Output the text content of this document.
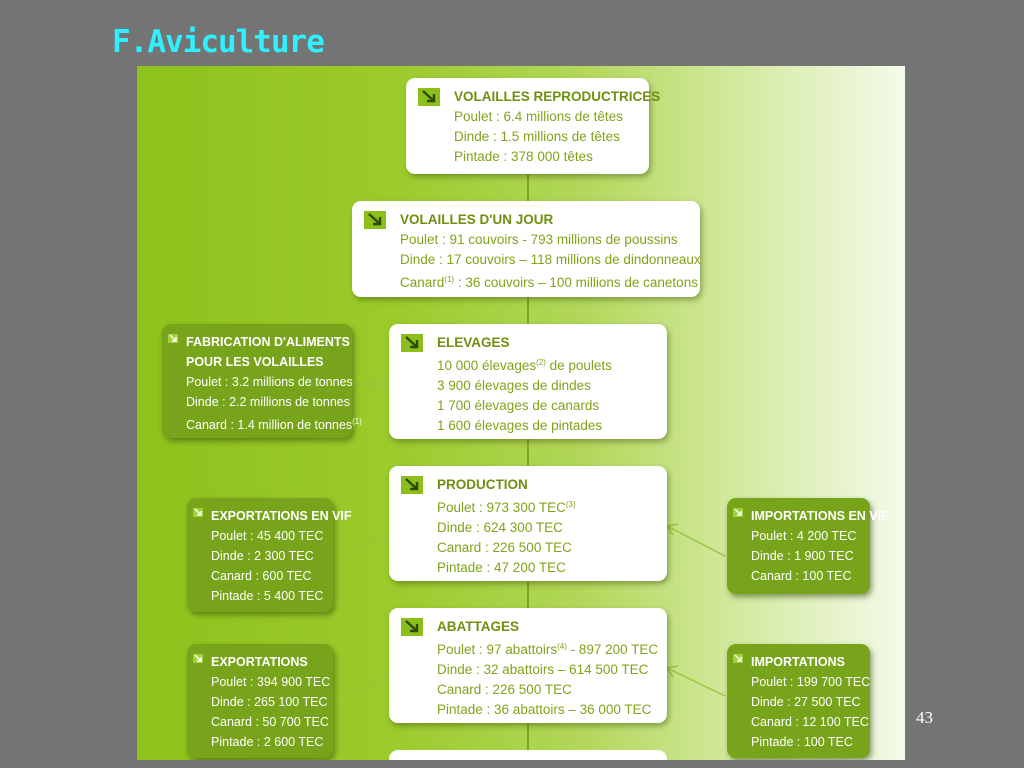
F.Aviculture
VOLAILLES REPRODUCTRICES
Poulet : 6.4 millions de têtes
Dinde : 1.5 millions de têtes
Pintade : 378 000 têtes
VOLAILLES D'UN JOUR
Poulet : 91 couvoirs - 793 millions de poussins
Dinde : 17 couvoirs – 118 millions de dindonneaux
Canard$^{(1)}$ : 36 couvoirs – 100 millions de canetons
FABRICATION D'ALIMENTS
POUR LES VOLAILLES
Poulet : 3.2 millions de tonnes
Dinde : 2.2 millions de tonnes
Canard : 1.4 million de tonnes$^{(1)}$
ELEVAGES
10 000 élevages$^{(2)}$ de poulets
3 900 élevages de dindes
1 700 élevages de canards
1 600 élevages de pintades
PRODUCTION
Poulet : 973 300 TEC$^{(3)}$
Dinde : 624 300 TEC
Canard : 226 500 TEC
Pintade : 47 200 TEC
EXPORTATIONS EN VIF
Poulet : 45 400 TEC
Dinde : 2 300 TEC
Canard : 600 TEC
Pintade : 5 400 TEC
IMPORTATIONS EN VIF
Poulet : 4 200 TEC
Dinde : 1 900 TEC
Canard : 100 TEC
ABATTAGES
Poulet : 97 abattoirs$^{(4)}$ - 897 200 TEC
Dinde : 32 abattoirs – 614 500 TEC
Canard : 226 500 TEC
Pintade : 36 abattoirs – 36 000 TEC
EXPORTATIONS
Poulet : 394 900 TEC
Dinde : 265 100 TEC
Canard : 50 700 TEC
Pintade : 2 600 TEC
IMPORTATIONS
Poulet : 199 700 TEC
Dinde : 27 500 TEC
Canard : 12 100 TEC
Pintade : 100 TEC
43
